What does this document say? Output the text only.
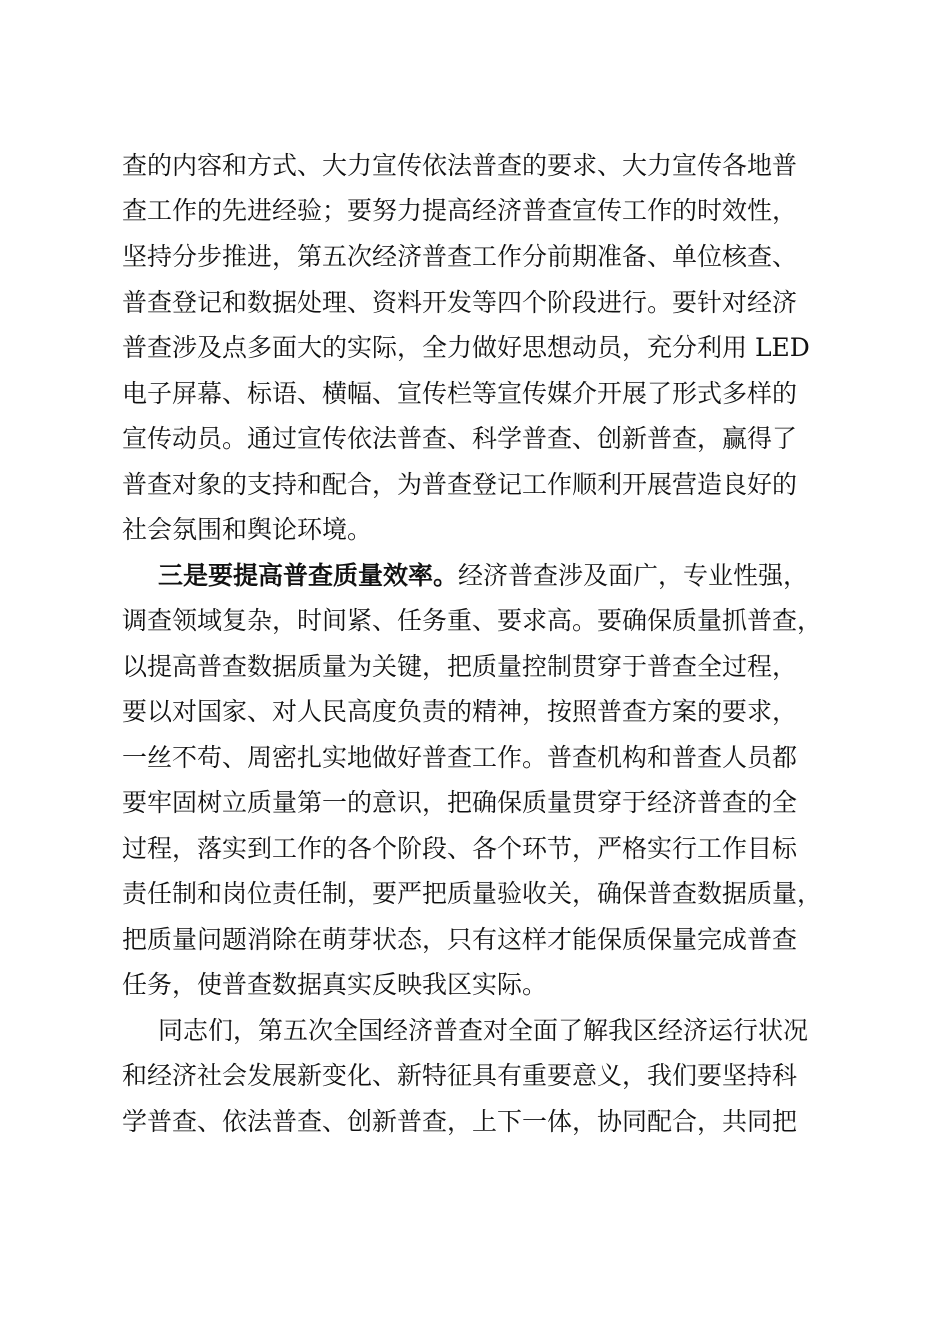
查的内容和方式、大力宣传依法普查的要求、大力宣传各地普
查工作的先进经验；要努力提高经济普查宣传工作的时效性，
坚持分步推进，第五次经济普查工作分前期准备、单位核查、
普查登记和数据处理、资料开发等四个阶段进行。要针对经济
普查涉及点多面大的实际，全力做好思想动员，充分利用 LED
电子屏幕、标语、横幅、宣传栏等宣传媒介开展了形式多样的
宣传动员。通过宣传依法普查、科学普查、创新普查，赢得了
普查对象的支持和配合，为普查登记工作顺利开展营造良好的
社会氛围和舆论环境。
三是要提高普查质量效率。 经济普查涉及面广，专业性强，
调查领域复杂，时间紧、任务重、要求高。要确保质量抓普查，
以提高普查数据质量为关键，把质量控制贯穿于普查全过程，
要以对国家、对人民高度负责的精神，按照普查方案的要求，
一丝不苟、周密扎实地做好普查工作。普查机构和普查人员都
要牢固树立质量第一的意识，把确保质量贯穿于经济普查的全
过程，落实到工作的各个阶段、各个环节，严格实行工作目标
责任制和岗位责任制，要严把质量验收关，确保普查数据质量，
把质量问题消除在萌芽状态，只有这样才能保质保量完成普查
任务，使普查数据真实反映我区实际。
同志们，第五次全国经济普查对全面了解我区经济运行状况
和经济社会发展新变化、新特征具有重要意义，我们要坚持科
学普查、依法普查、创新普查，上下一体，协同配合，共同把
